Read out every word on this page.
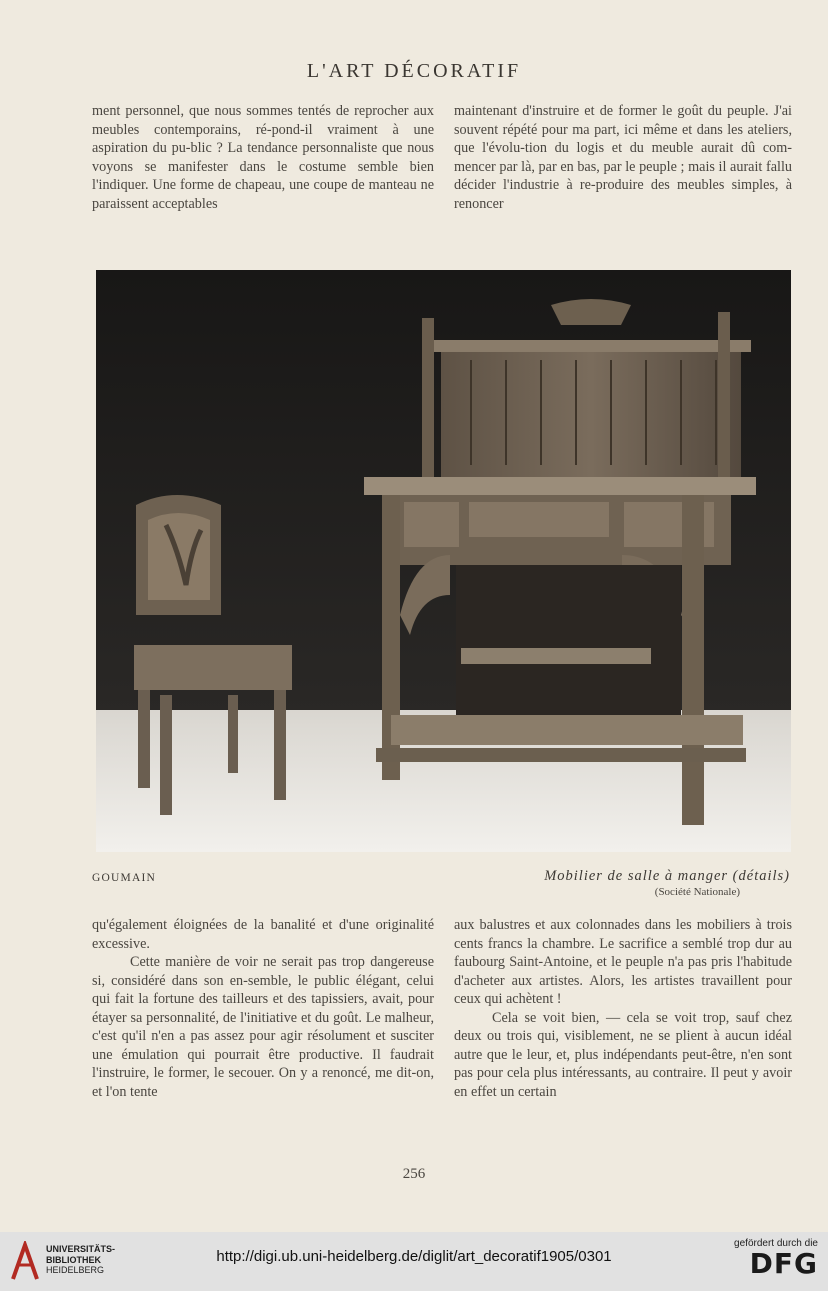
L'ART DÉCORATIF

ment personnel, que nous sommes tentés de reprocher aux meubles contemporains, ré-pond-il vraiment à une aspiration du pu-blic ? La tendance personnaliste que nous voyons se manifester dans le costume semble bien l'indiquer. Une forme de chapeau, une coupe de manteau ne paraissent acceptables

maintenant d'instruire et de former le goût du peuple. J'ai souvent répété pour ma part, ici même et dans les ateliers, que l'évolu-tion du logis et du meuble aurait dû com-mencer par là, par en bas, par le peuple ; mais il aurait fallu décider l'industrie à re-produire des meubles simples, à renoncer

GOUMAIN	Mobilier de salle à manger (détails)
(Société Nationale)

qu'également éloignées de la banalité et d'une originalité excessive.

Cette manière de voir ne serait pas trop dangereuse si, considéré dans son en-semble, le public élégant, celui qui fait la fortune des tailleurs et des tapissiers, avait, pour étayer sa personnalité, de l'initiative et du goût. Le malheur, c'est qu'il n'en a pas assez pour agir résolument et susciter une émulation qui pourrait être productive. Il faudrait l'instruire, le former, le secouer. On y a renoncé, me dit-on, et l'on tente

aux balustres et aux colonnades dans les mobiliers à trois cents francs la chambre. Le sacrifice a semblé trop dur au faubourg Saint-Antoine, et le peuple n'a pas pris l'habitude d'acheter aux artistes. Alors, les artistes travaillent pour ceux qui achètent !

Cela se voit bien, — cela se voit trop, sauf chez deux ou trois qui, visiblement, ne se plient à aucun idéal autre que le leur, et, plus indépendants peut-être, n'en sont pas pour cela plus intéressants, au contraire. Il peut y avoir en effet un certain

256
UNIVERSITÄTS-
BIBLIOTHEK
HEIDELBERG
http://digi.ub.uni-heidelberg.de/diglit/art_decoratif1905/0301
gefördert durch die
DFG
